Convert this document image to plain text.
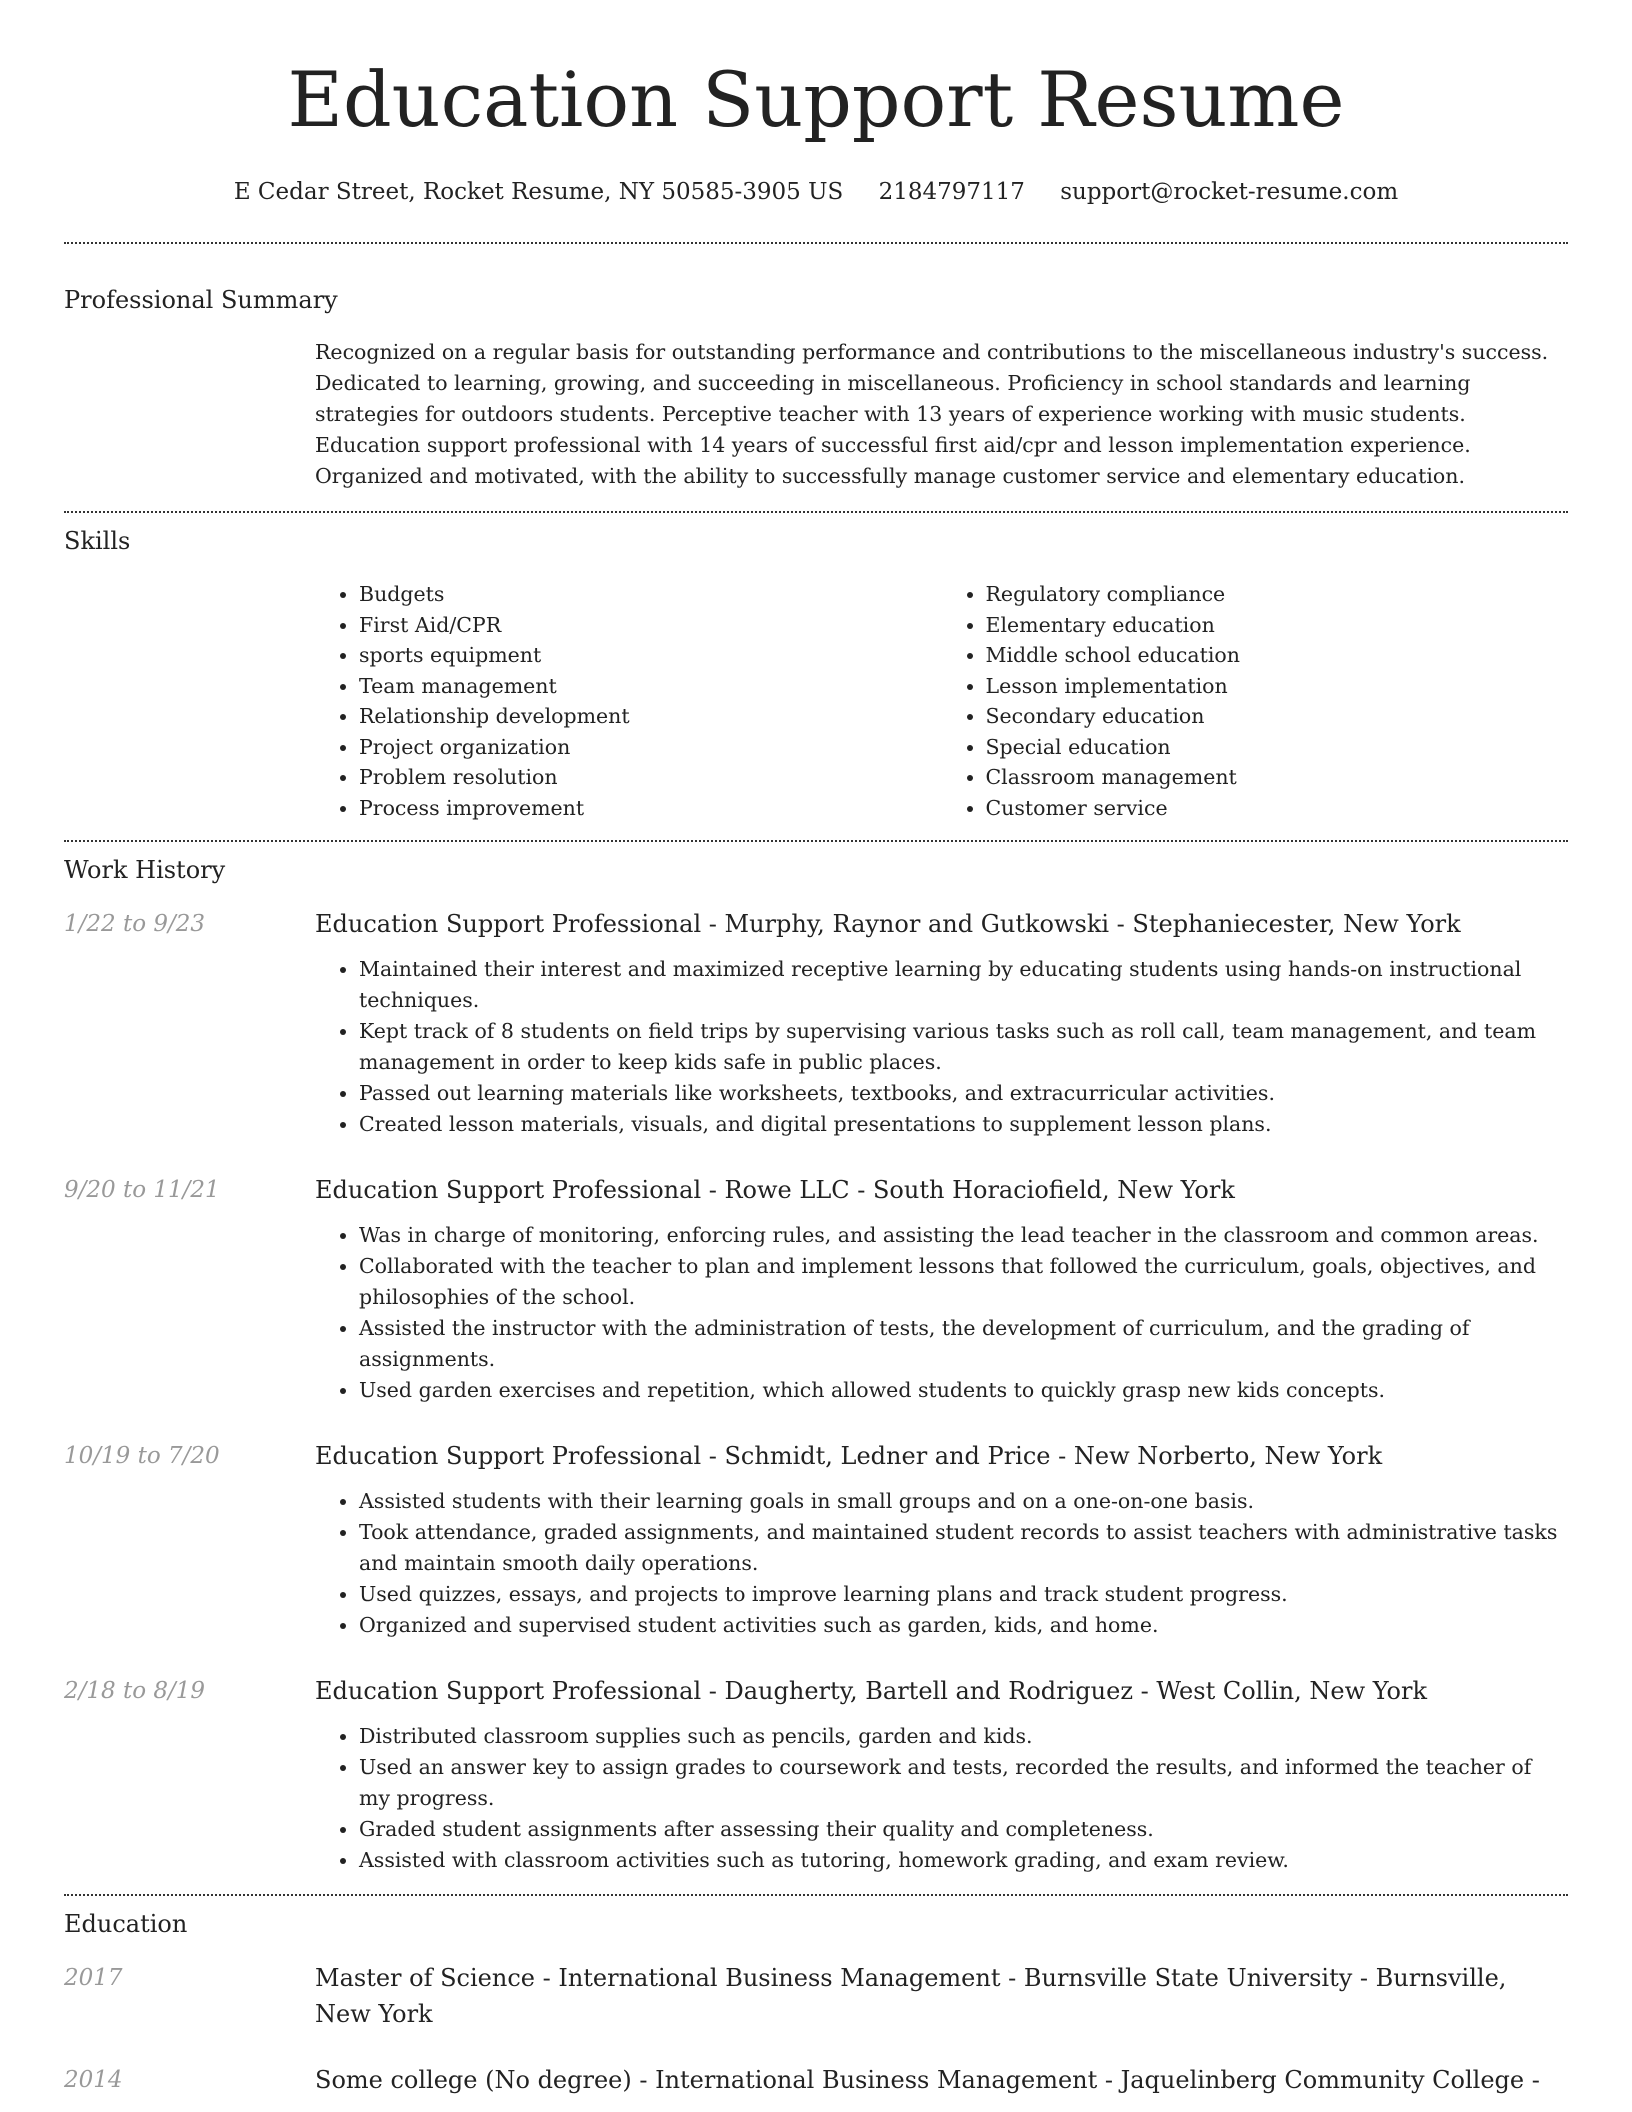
Education Support Resume
E Cedar Street, Rocket Resume, NY 50585-3905 US 2184797117 support@rocket-resume.com
Professional Summary

Recognized on a regular basis for outstanding performance and contributions to the miscellaneous industry's success. Dedicated to learning, growing, and succeeding in miscellaneous. Proficiency in school standards and learning strategies for outdoors students. Perceptive teacher with 13 years of experience working with music students. Education support professional with 14 years of successful first aid/cpr and lesson implementation experience. Organized and motivated, with the ability to successfully manage customer service and elementary education.

Skills
• Budgets
• First Aid/CPR
• sports equipment
• Team management
• Relationship development
• Project organization
• Problem resolution
• Process improvement
• Regulatory compliance
• Elementary education
• Middle school education
• Lesson implementation
• Secondary education
• Special education
• Classroom management
• Customer service
Work History
1/22 to 9/23	Education Support Professional - Murphy, Raynor and Gutkowski - Stephaniecester, New York
• Maintained their interest and maximized receptive learning by educating students using hands-on instructional techniques.
• Kept track of 8 students on field trips by supervising various tasks such as roll call, team management, and team management in order to keep kids safe in public places.
• Passed out learning materials like worksheets, textbooks, and extracurricular activities.
• Created lesson materials, visuals, and digital presentations to supplement lesson plans.
9/20 to 11/21	Education Support Professional - Rowe LLC - South Horaciofield, New York
• Was in charge of monitoring, enforcing rules, and assisting the lead teacher in the classroom and common areas.
• Collaborated with the teacher to plan and implement lessons that followed the curriculum, goals, objectives, and philosophies of the school.
• Assisted the instructor with the administration of tests, the development of curriculum, and the grading of assignments.
• Used garden exercises and repetition, which allowed students to quickly grasp new kids concepts.
10/19 to 7/20	Education Support Professional - Schmidt, Ledner and Price - New Norberto, New York
• Assisted students with their learning goals in small groups and on a one-on-one basis.
• Took attendance, graded assignments, and maintained student records to assist teachers with administrative tasks and maintain smooth daily operations.
• Used quizzes, essays, and projects to improve learning plans and track student progress.
• Organized and supervised student activities such as garden, kids, and home.
2/18 to 8/19	Education Support Professional - Daugherty, Bartell and Rodriguez - West Collin, New York
• Distributed classroom supplies such as pencils, garden and kids.
• Used an answer key to assign grades to coursework and tests, recorded the results, and informed the teacher of my progress.
• Graded student assignments after assessing their quality and completeness.
• Assisted with classroom activities such as tutoring, homework grading, and exam review.
Education
2017	Master of Science - International Business Management - Burnsville State University - Burnsville, New York
2014	Some college (No degree) - International Business Management - Jaquelinberg Community College -
